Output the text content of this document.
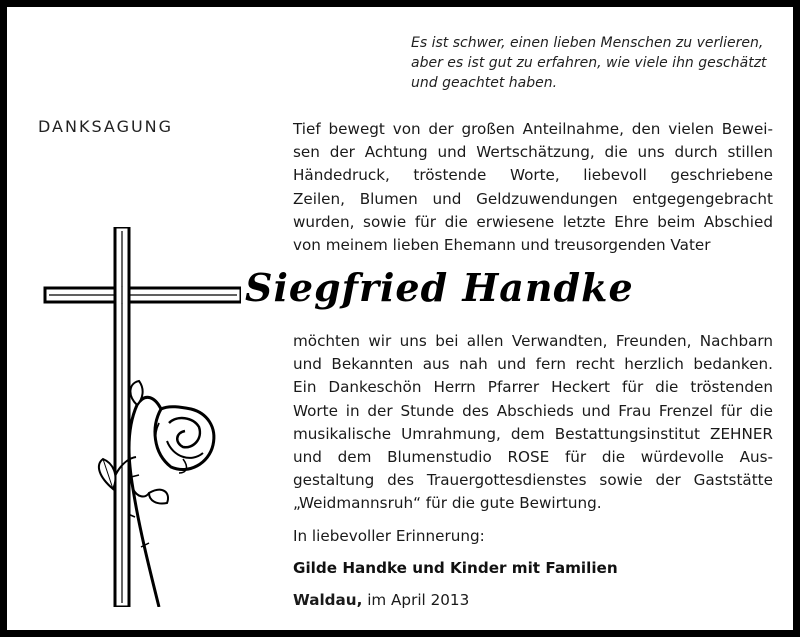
Es ist schwer, einen lieben Menschen zu verlieren,
aber es ist gut zu erfahren, wie viele ihn geschätzt
und geachtet haben.
DANKSAGUNG	Tief bewegt von der großen Anteilnahme, den vielen Bewei-
sen der Achtung und Wertschätzung, die uns durch stillen
Händedruck, tröstende Worte, liebevoll geschriebene
Zeilen, Blumen und Geldzuwendungen entgegengebracht
wurden, sowie für die erwiesene letzte Ehre beim Abschied
von meinem lieben Ehemann und treusorgenden Vater
Siegfried Handke
möchten wir uns bei allen Verwandten, Freunden, Nachbarn
und Bekannten aus nah und fern recht herzlich bedanken.
Ein Dankeschön Herrn Pfarrer Heckert für die tröstenden
Worte in der Stunde des Abschieds und Frau Frenzel für die
musikalische Umrahmung, dem Bestattungsinstitut ZEHNER
und dem Blumenstudio ROSE für die würdevolle Aus-
gestaltung des Trauergottesdienstes sowie der Gaststätte
„Weidmannsruh“ für die gute Bewirtung.
In liebevoller Erinnerung:
Gilde Handke und Kinder mit Familien
Waldau, im April 2013
